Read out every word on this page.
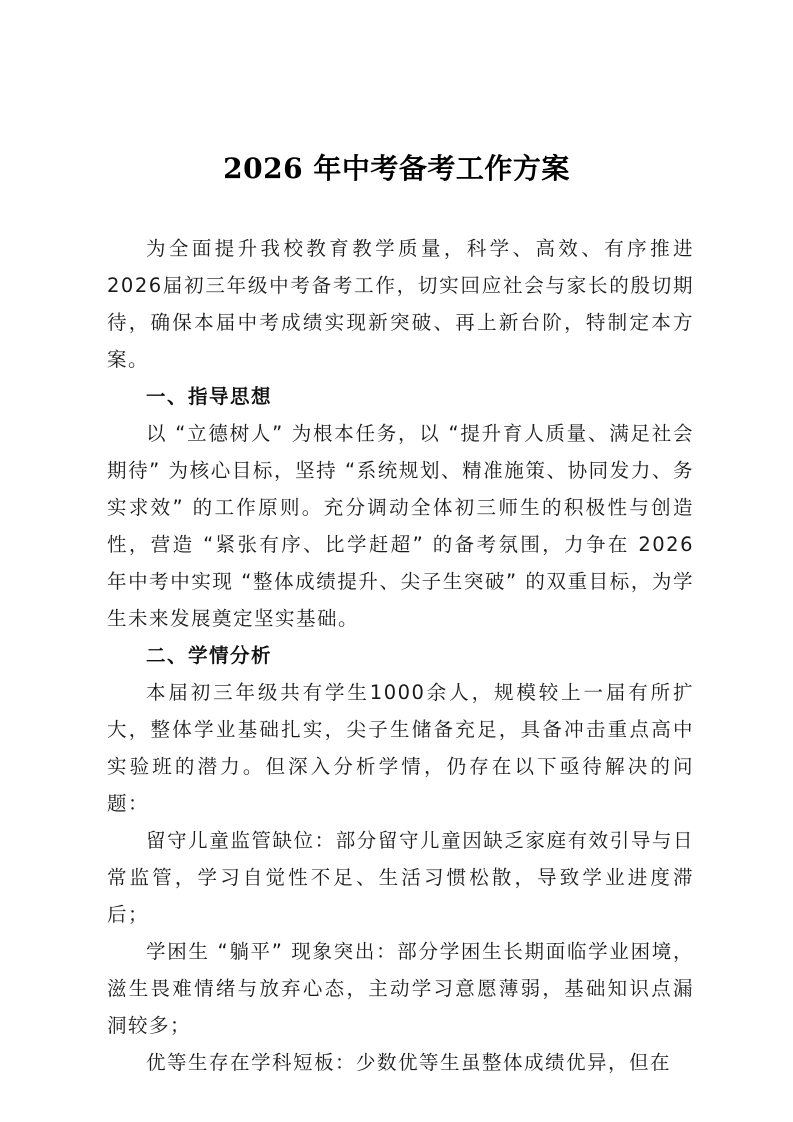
2026 年中考备考工作方案

为全面提升我校教育教学质量，科学、高效、有序推进2026届初三年级中考备考工作，切实回应社会与家长的殷切期待，确保本届中考成绩实现新突破、再上新台阶，特制定本方案。

一、指导思想

以 “立德树人” 为根本任务，以 “提升育人质量、满足社会期待” 为核心目标，坚持 “系统规划、精准施策、协同发力、务实求效” 的工作原则。充分调动全体初三师生的积极性与创造性，营造 “紧张有序、比学赶超” 的备考氛围，力争在 2026 年中考中实现 “整体成绩提升、尖子生突破” 的双重目标，为学生未来发展奠定坚实基础。

二、学情分析

本届初三年级共有学生1000余人，规模较上一届有所扩大，整体学业基础扎实，尖子生储备充足，具备冲击重点高中实验班的潜力。但深入分析学情，仍存在以下亟待解决的问题：

留守儿童监管缺位：部分留守儿童因缺乏家庭有效引导与日常监管，学习自觉性不足、生活习惯松散，导致学业进度滞后；

学困生 “躺平” 现象突出：部分学困生长期面临学业困境，滋生畏难情绪与放弃心态，主动学习意愿薄弱，基础知识点漏洞较多；

优等生存在学科短板：少数优等生虽整体成绩优异，但在
